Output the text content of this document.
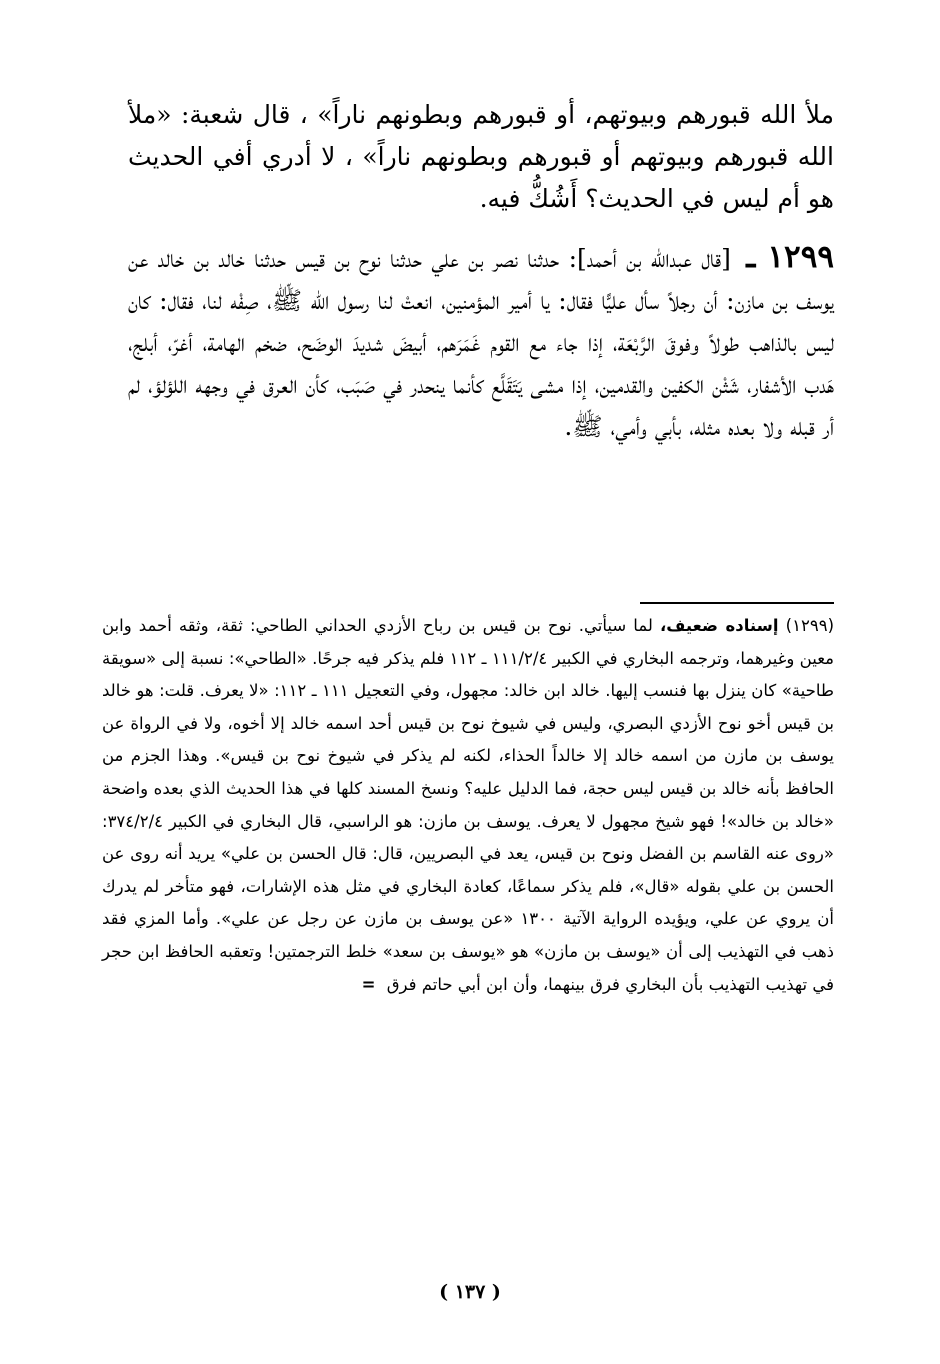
ملأ الله قبورهم وبيوتهم، أو قبورهم وبطونهم ناراً» ، قال شعبة: «ملأ الله قبورهم وبيوتهم أو قبورهم وبطونهم ناراً» ، لا أدري أفي الحديث هو أم ليس في الحديث؟ أَشُكُّ فيه.

١٢٩٩ ـ [قال عبدالله بن أحمد]: حدثنا نصر بن علي حدثنا نوح بن قيس حدثنا خالد بن خالد عن يوسف بن مازن: أن رجلاً سأل عليًّا فقال: يا أمير المؤمنين، انعتْ لنا رسول الله ﷺ، صِفْه لنا، فقال: كان ليس بالذاهب طولاً وفوقَ الرَّبْعَة، إذا جاء مع القوم غَمَرَهم، أبيضَ شديدَ الوضَح، ضخم الهامة، أغرّ، أبلج، هَدب الأشفار، شَثْن الكفين والقدمين، إذا مشى يَتَقَلَّع كأنما ينحدر في صَبَب، كأن العرق في وجهه اللؤلؤ، لم أر قبله ولا بعده مثله، بأبي وأمي، ﷺ.

(١٢٩٩) إسناده ضعيف، لما سيأتي. نوح بن قيس بن رباح الأزدي الحداني الطاحي: ثقة، وثقه أحمد وابن معين وغيرهما، وترجمه البخاري في الكبير ١١١/٢/٤ ـ ١١٢ فلم يذكر فيه جرحًا. «الطاحي»: نسبة إلى «سويقة طاحية» كان ينزل بها فنسب إليها. خالد ابن خالد: مجهول، وفي التعجيل ١١١ ـ ١١٢: «لا يعرف. قلت: هو خالد بن قيس أخو نوح الأزدي البصري، وليس في شيوخ نوح بن قيس أحد اسمه خالد إلا أخوه، ولا في الرواة عن يوسف بن مازن من اسمه خالد إلا خالداً الحذاء، لكنه لم يذكر في شيوخ نوح بن قيس». وهذا الجزم من الحافظ بأنه خالد بن قيس ليس حجة، فما الدليل عليه؟ ونسخ المسند كلها في هذا الحديث الذي بعده واضحة «خالد بن خالد»! فهو شيخ مجهول لا يعرف. يوسف بن مازن: هو الراسبي، قال البخاري في الكبير ٣٧٤/٢/٤: «روى عنه القاسم بن الفضل ونوح بن قيس، يعد في البصريين، قال: قال الحسن بن علي» يريد أنه روى عن الحسن بن علي بقوله «قال»، فلم يذكر سماعًا، كعادة البخاري في مثل هذه الإشارات، فهو متأخر لم يدرك أن يروي عن علي، ويؤيده الرواية الآتية ١٣٠٠ «عن يوسف بن مازن عن رجل عن علي». وأما المزي فقد ذهب في التهذيب إلى أن «يوسف بن مازن» هو «يوسف بن سعد» خلط الترجمتين! وتعقبه الحافظ ابن حجر في تهذيب التهذيب بأن البخاري فرق بينهما، وأن ابن أبي حاتم فرق =

( ١٣٧ )
